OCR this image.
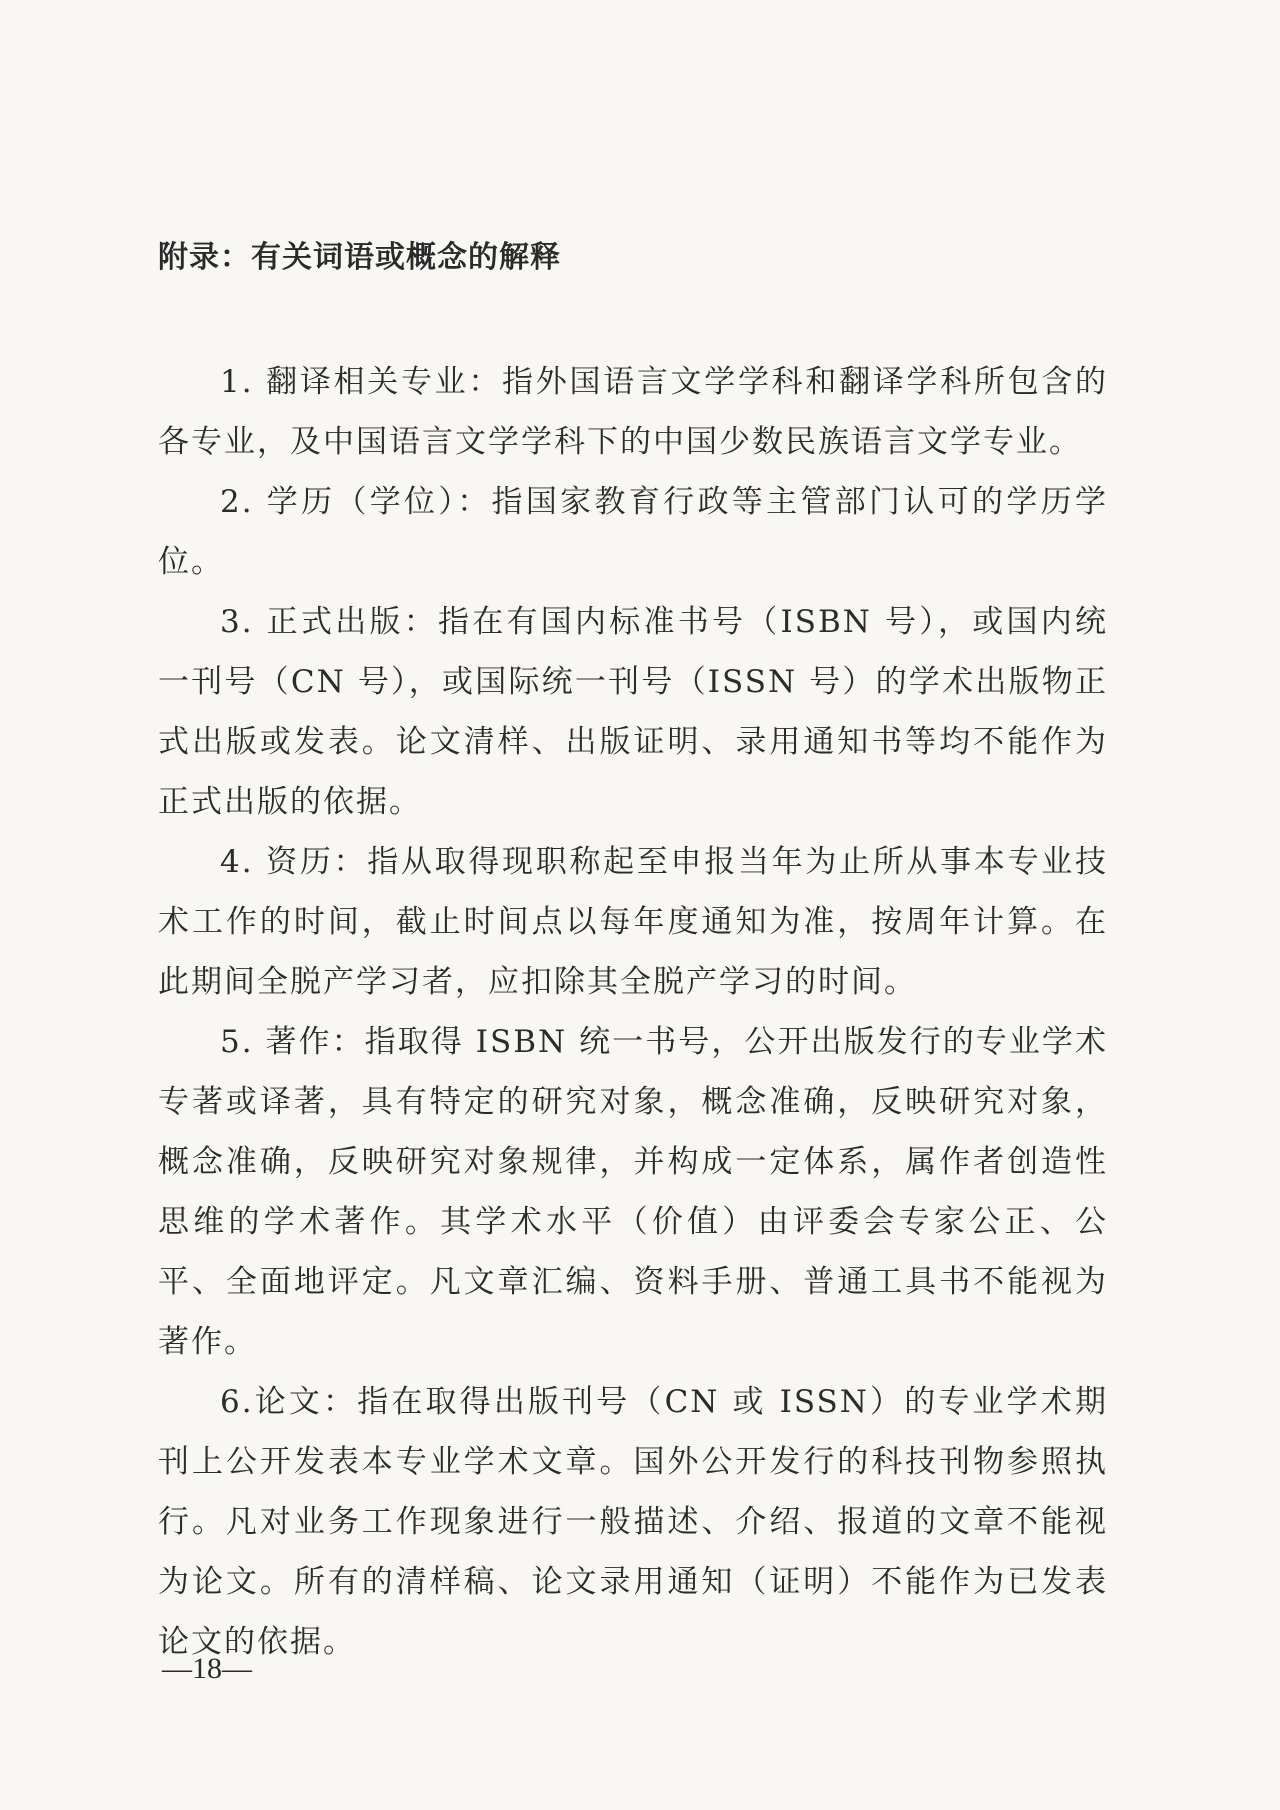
附录：有关词语或概念的解释

1. 翻译相关专业：指外国语言文学学科和翻译学科所包含的各专业，及中国语言文学学科下的中国少数民族语言文学专业。

2. 学历（学位）：指国家教育行政等主管部门认可的学历学位。

3. 正式出版：指在有国内标准书号（ISBN 号），或国内统一刊号（CN 号），或国际统一刊号（ISSN 号）的学术出版物正式出版或发表。论文清样、出版证明、录用通知书等均不能作为正式出版的依据。

4. 资历：指从取得现职称起至申报当年为止所从事本专业技术工作的时间，截止时间点以每年度通知为准，按周年计算。在此期间全脱产学习者，应扣除其全脱产学习的时间。

5. 著作：指取得 ISBN 统一书号，公开出版发行的专业学术专著或译著，具有特定的研究对象，概念准确，反映研究对象，概念准确，反映研究对象规律，并构成一定体系，属作者创造性思维的学术著作。其学术水平（价值）由评委会专家公正、公平、全面地评定。凡文章汇编、资料手册、普通工具书不能视为著作。

6.论文：指在取得出版刊号（CN 或 ISSN）的专业学术期刊上公开发表本专业学术文章。国外公开发行的科技刊物参照执行。凡对业务工作现象进行一般描述、介绍、报道的文章不能视为论文。所有的清样稿、论文录用通知（证明）不能作为已发表论文的依据。

—18—
